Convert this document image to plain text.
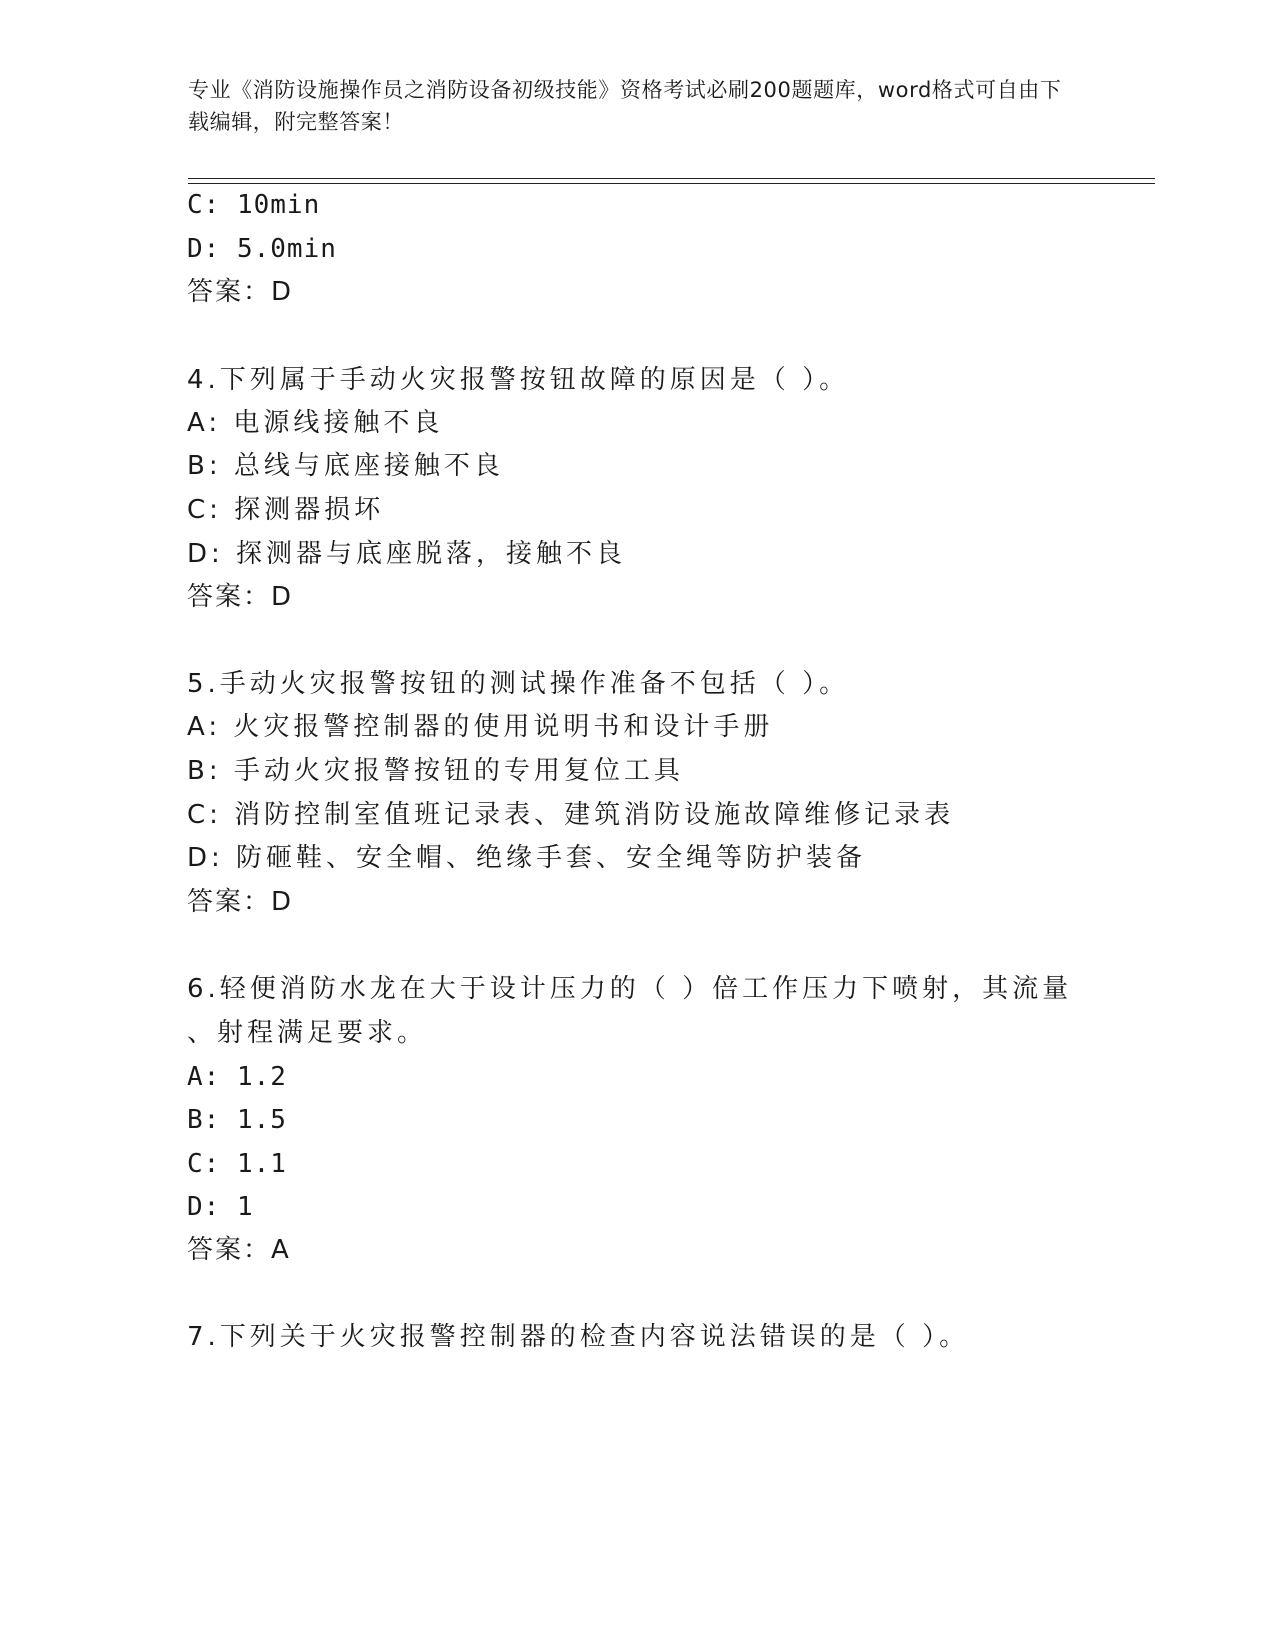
专业《消防设施操作员之消防设备初级技能》资格考试必刷200题题库，word格式可自由下载编辑，附完整答案！
C: 10min
D: 5.0min
答案：D
4.下列属于手动火灾报警按钮故障的原因是（ ）。
A: 电源线接触不良
B: 总线与底座接触不良
C: 探测器损坏
D: 探测器与底座脱落，接触不良
答案：D
5.手动火灾报警按钮的测试操作准备不包括（ ）。
A: 火灾报警控制器的使用说明书和设计手册
B: 手动火灾报警按钮的专用复位工具
C: 消防控制室值班记录表、建筑消防设施故障维修记录表
D: 防砸鞋、安全帽、绝缘手套、安全绳等防护装备
答案：D
6.轻便消防水龙在大于设计压力的（ ）倍工作压力下喷射，其流量
、射程满足要求。
A: 1.2
B: 1.5
C: 1.1
D: 1
答案：A
7.下列关于火灾报警控制器的检查内容说法错误的是（ ）。
